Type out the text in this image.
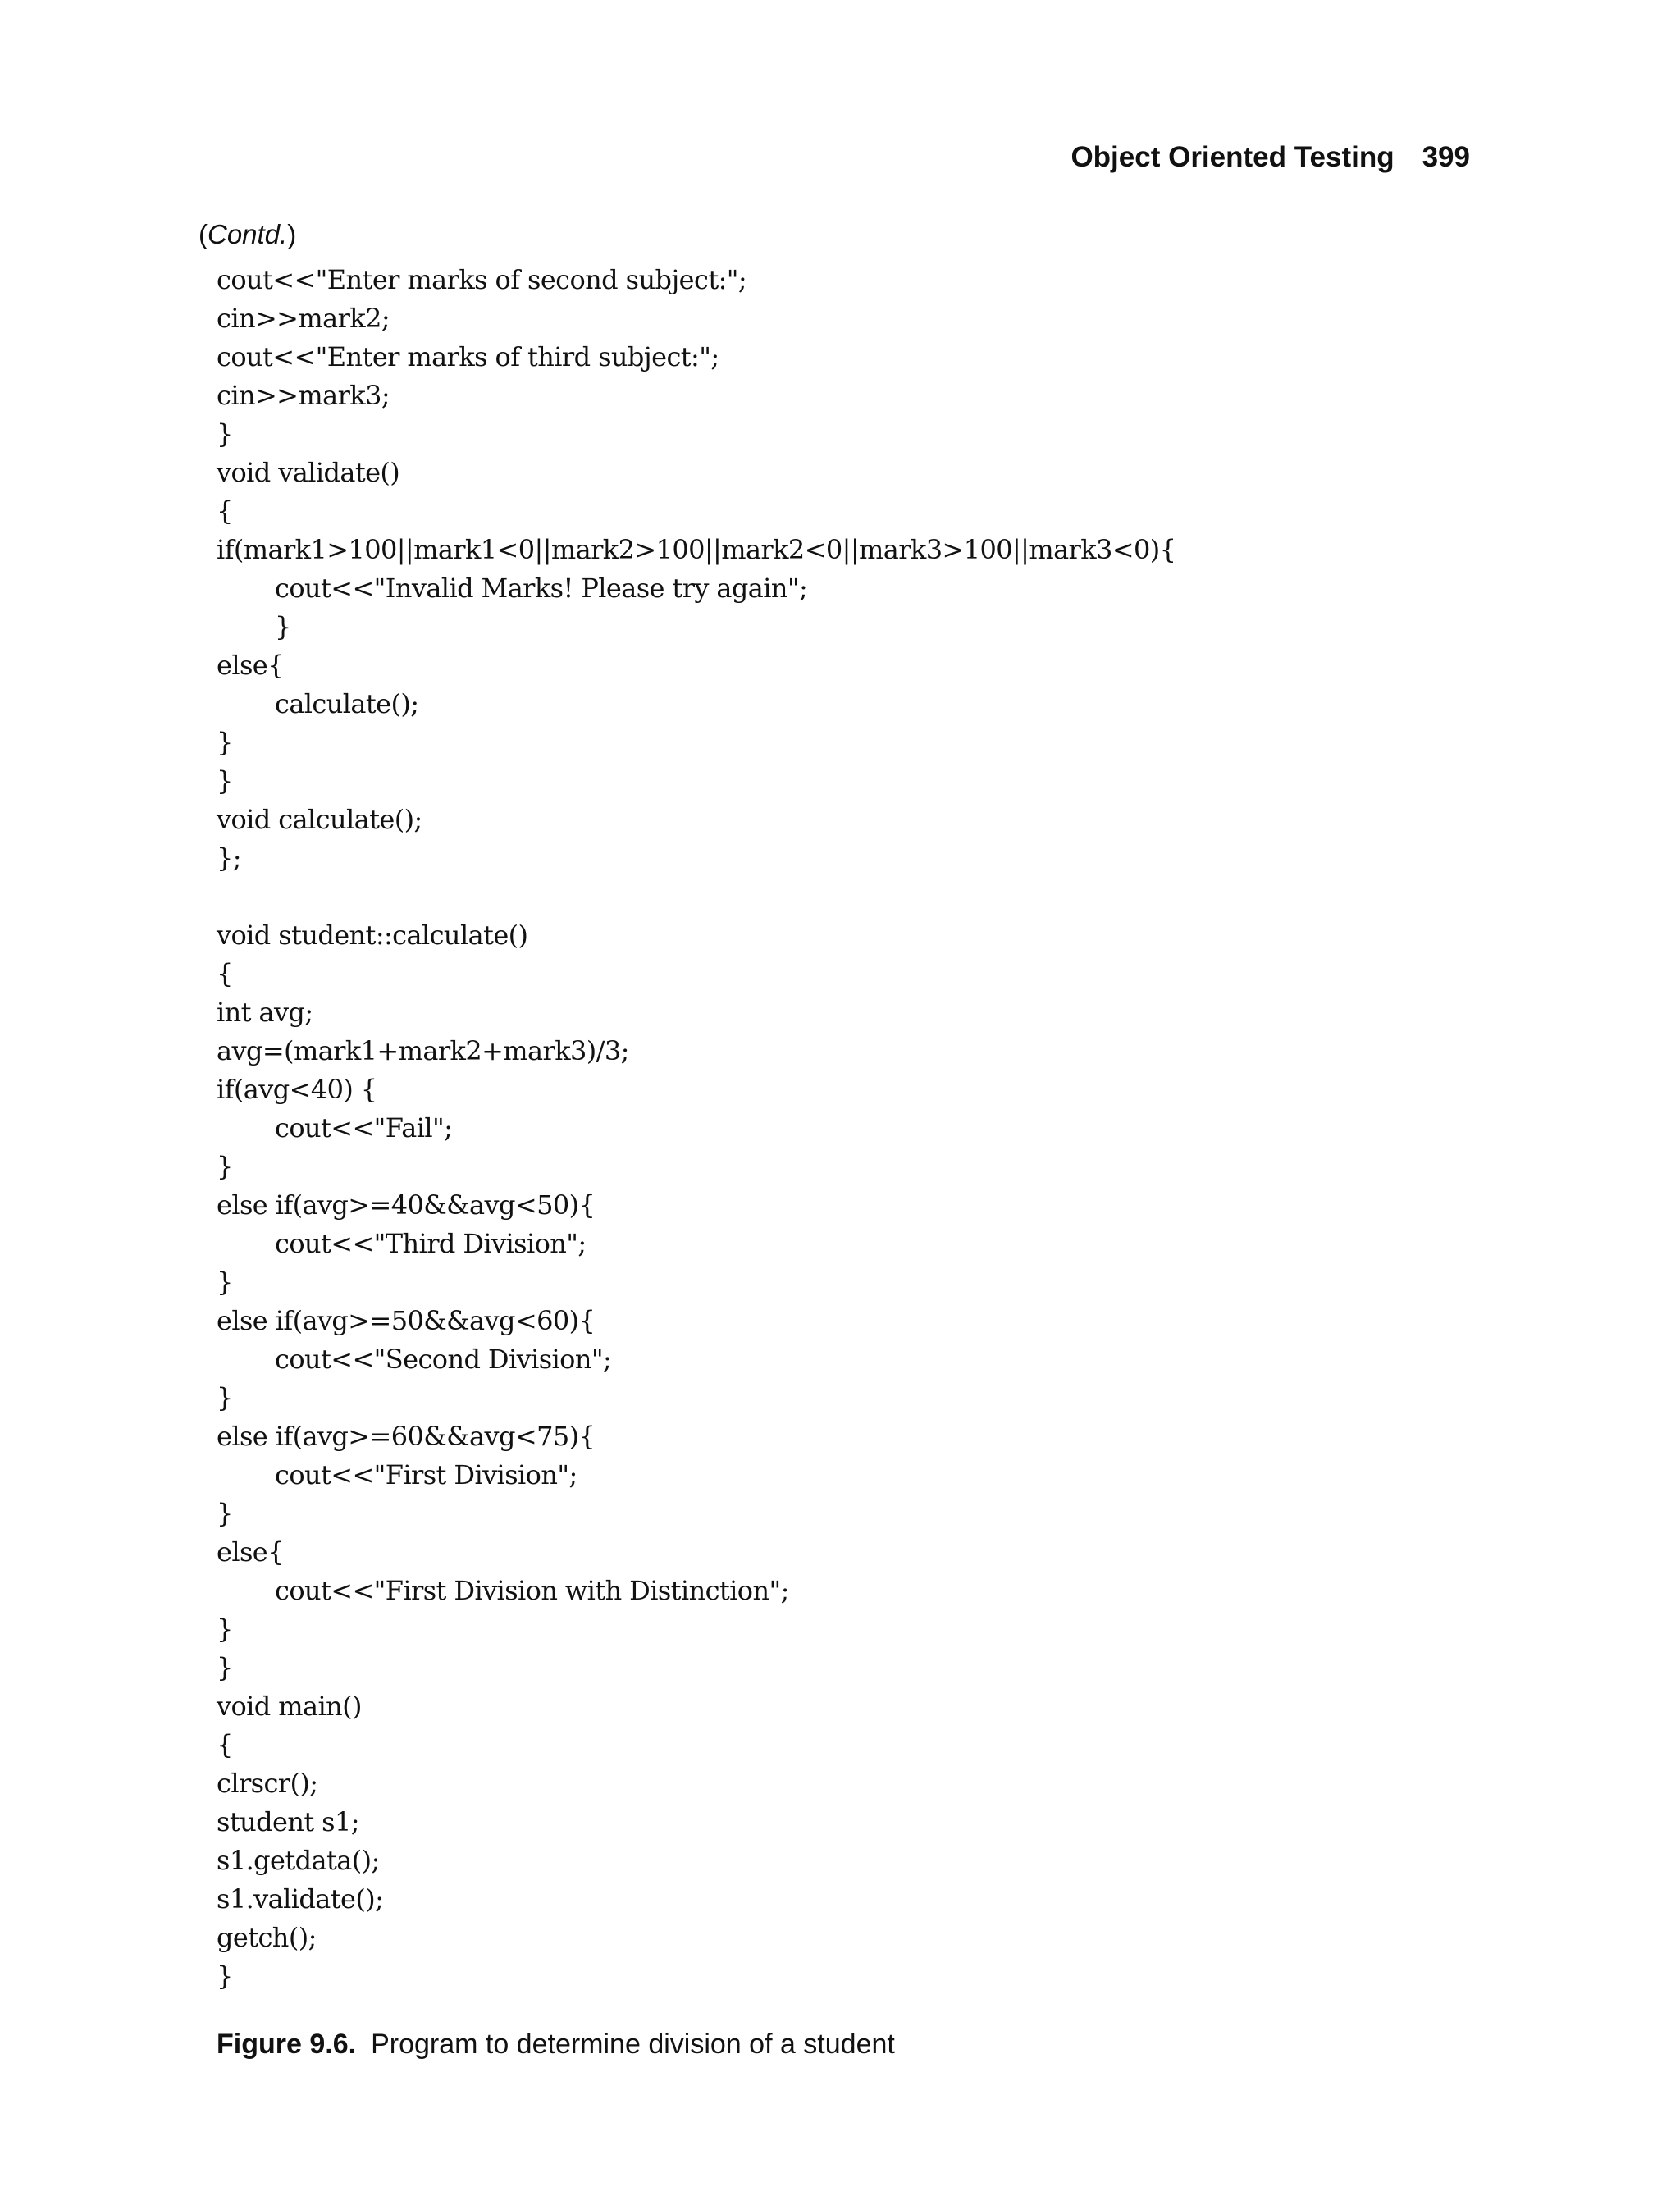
Object Oriented Testing 399
(Contd.)
cout<<"Enter marks of second subject:";
cin>>mark2;
cout<<"Enter marks of third subject:";
cin>>mark3;
}
void validate()
{
if(mark1>100||mark1<0||mark2>100||mark2<0||mark3>100||mark3<0){
cout<<"Invalid Marks! Please try again";
}
else{
calculate();
}
}
void calculate();
};
void student::calculate()
{
int avg;
avg=(mark1+mark2+mark3)/3;
if(avg<40) {
cout<<"Fail";
}
else if(avg>=40&&avg<50){
cout<<"Third Division";
}
else if(avg>=50&&avg<60){
cout<<"Second Division";
}
else if(avg>=60&&avg<75){
cout<<"First Division";
}
else{
cout<<"First Division with Distinction";
}
}
void main()
{
clrscr();
student s1;
s1.getdata();
s1.validate();
getch();
}
Figure 9.6. Program to determine division of a student
